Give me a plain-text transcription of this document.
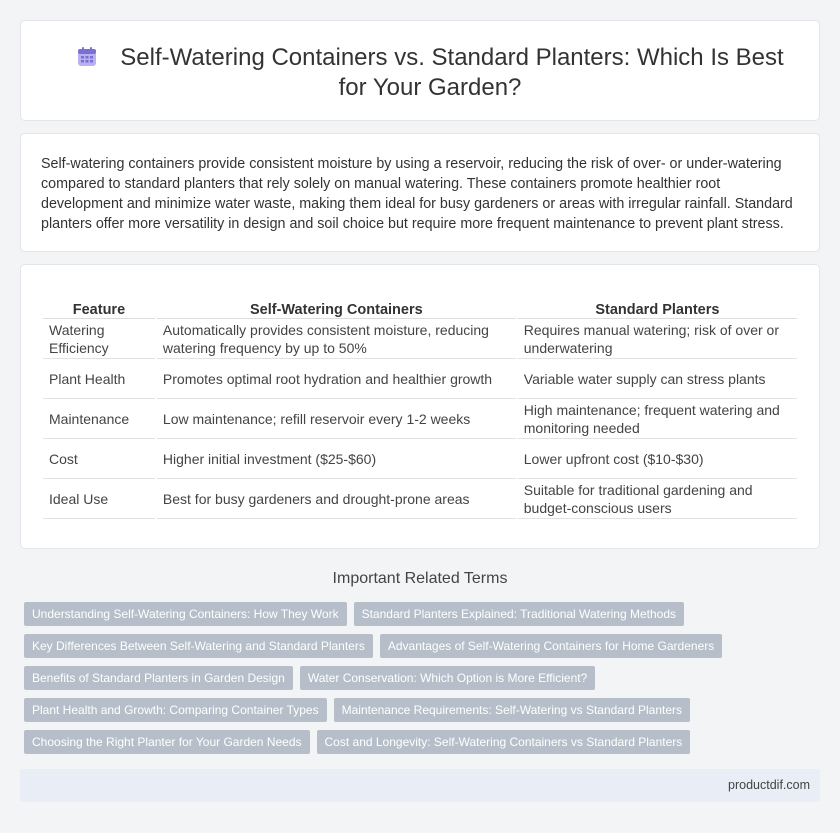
Self-Watering Containers vs. Standard Planters: Which Is Best for Your Garden?

Self-watering containers provide consistent moisture by using a reservoir, reducing the risk of over- or under-watering compared to standard planters that rely solely on manual watering. These containers promote healthier root development and minimize water waste, making them ideal for busy gardeners or areas with irregular rainfall. Standard planters offer more versatility in design and soil choice but require more frequent maintenance to prevent plant stress.

Feature	Self-Watering Containers	Standard Planters
Watering Efficiency	Automatically provides consistent moisture, reducing watering frequency by up to 50%	Requires manual watering; risk of over or underwatering
Plant Health	Promotes optimal root hydration and healthier growth	Variable water supply can stress plants
Maintenance	Low maintenance; refill reservoir every 1-2 weeks	High maintenance; frequent watering and monitoring needed
Cost	Higher initial investment ($25-$60)	Lower upfront cost ($10-$30)
Ideal Use	Best for busy gardeners and drought-prone areas	Suitable for traditional gardening and budget-conscious users
Important Related Terms
Understanding Self-Watering Containers: How They Work	Standard Planters Explained: Traditional Watering Methods
Key Differences Between Self-Watering and Standard Planters	Advantages of Self-Watering Containers for Home Gardeners
Benefits of Standard Planters in Garden Design	Water Conservation: Which Option is More Efficient?
Plant Health and Growth: Comparing Container Types	Maintenance Requirements: Self-Watering vs Standard Planters
Choosing the Right Planter for Your Garden Needs	Cost and Longevity: Self-Watering Containers vs Standard Planters
productdif.com
